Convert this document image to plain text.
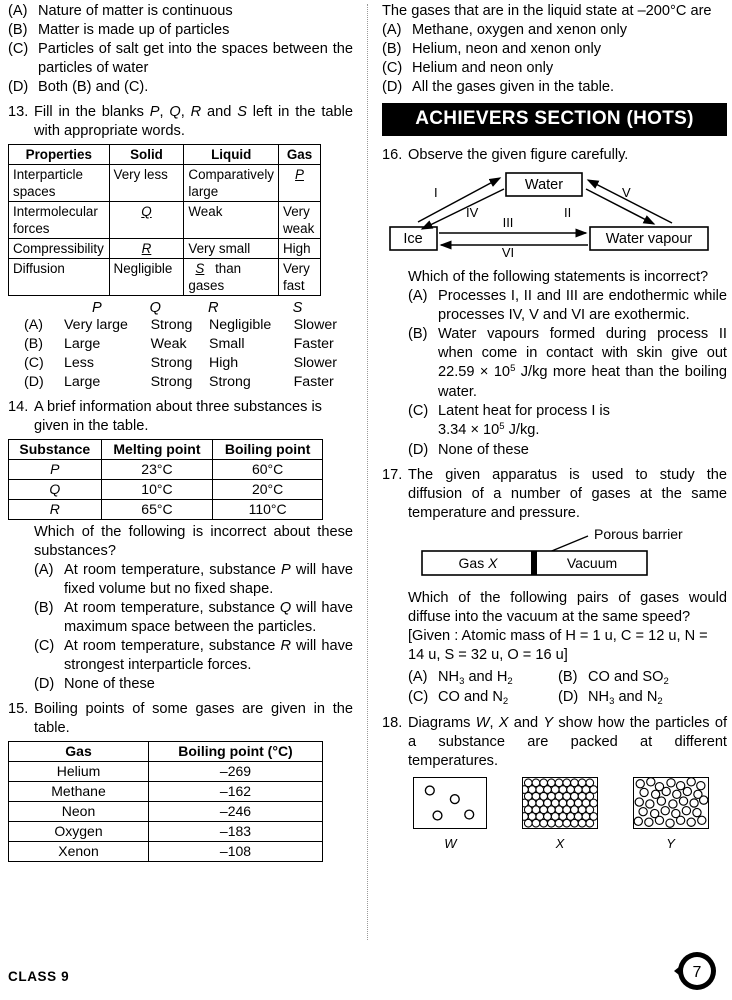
(A) Nature of matter is continuous
(B) Matter is made up of particles
(C) Particles of salt get into the spaces between the particles of water
(D) Both (B) and (C).
13. Fill in the blanks P, Q, R and S left in the table with appropriate words.
Properties	Solid	Liquid	Gas
Interparticle spaces	Very less	Comparatively large	P
Intermolecular forces	Q	Weak	Very weak
Compressibility	R	Very small	High
Diffusion	Negligible	S than gases	Very fast
	P	Q	R	S
(A)	Very large	Strong	Negligible	Slower
(B)	Large	Weak	Small	Faster
(C)	Less	Strong	High	Slower
(D)	Large	Strong	Strong	Faster
14. A brief information about three substances is given in the table.
Substance	Melting point	Boiling point
P	23°C	60°C
Q	10°C	20°C
R	65°C	110°C
Which of the following is incorrect about these substances?
(A) At room temperature, substance P will have fixed volume but no fixed shape.
(B) At room temperature, substance Q will have maximum space between the particles.
(C) At room temperature, substance R will have strongest interparticle forces.
(D) None of these
15. Boiling points of some gases are given in the table.
Gas	Boiling point (°C)
Helium	–269
Methane	–162
Neon	–246
Oxygen	–183
Xenon	–108
The gases that are in the liquid state at –200°C are
(A) Methane, oxygen and xenon only
(B) Helium, neon and xenon only
(C) Helium and neon only
(D) All the gases given in the table.
ACHIEVERS SECTION (HOTS)
16. Observe the given figure carefully.
Water
Ice	Water vapour
I
IV	II
V
III
VI
Which of the following statements is incorrect?
(A) Processes I, II and III are endothermic while processes IV, V and VI are exothermic.
(B) Water vapours formed during process II when come in contact with skin give out $22.59 \times 10^5$ J/kg more heat than the boiling water.
(C) Latent heat for process I is
$3.34 \times 10^5$ J/kg.
(D) None of these
17. The given apparatus is used to study the diffusion of a number of gases at the same temperature and pressure.
Porous barrier
Gas X	Vacuum
Which of the following pairs of gases would diffuse into the vacuum at the same speed?
[Given : Atomic mass of H = 1 u, C = 12 u, N = 14 u, S = 32 u, O = 16 u]
(A) $NH_3$ and $H_2$	(B) CO and $SO_2$
(C) CO and $N_2$	(D) $NH_3$ and $N_2$
18. Diagrams W, X and Y show how the particles of a substance are packed at different temperatures.
W	X	Y
CLASS 9	7
